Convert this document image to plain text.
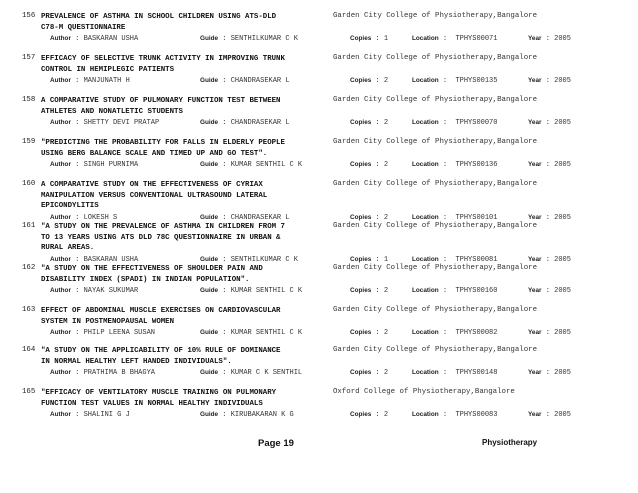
156 PREVALENCE OF ASTHMA IN SCHOOL CHILDREN USING ATS-DLD
C78-M QUESTIONNAIRE
Garden City College of Physiotherapy,Bangalore
Author : BASKARAN USHA	Guide : SENTHILKUMAR C K	Copies : 1	Location :  TPHYS00071	Year : 2005
157 EFFICACY OF SELECTIVE TRUNK ACTIVITY IN IMPROVING TRUNK
CONTROL IN HEMIPLEGIC PATIENTS
Garden City College of Physiotherapy,Bangalore
Author : MANJUNATH H	Guide : CHANDRASEKAR L	Copies : 2	Location :  TPHYS00135	Year : 2005
158 A COMPARATIVE STUDY OF PULMONARY FUNCTION TEST BETWEEN
ATHLETES AND NONATLETIC STUDENTS
Garden City College of Physiotherapy,Bangalore
Author : SHETTY DEVI PRATAP	Guide : CHANDRASEKAR L	Copies : 2	Location :  TPHYS00070	Year : 2005
159 "PREDICTING THE PROBABILITY FOR FALLS IN ELDERLY PEOPLE
USING BERG BALANCE SCALE AND TIMED UP AND GO TEST".
Garden City College of Physiotherapy,Bangalore
Author : SINGH PURNIMA	Guide : KUMAR SENTHIL C K	Copies : 2	Location :  TPHYS00136	Year : 2005
160 A COMPARATIVE STUDY ON THE EFFECTIVENESS OF CYRIAX
MANIPULATION VERSUS CONVENTIONAL ULTRASOUND LATERAL
EPICONDYLITIS
Garden City College of Physiotherapy,Bangalore
Author : LOKESH S	Guide : CHANDRASEKAR L	Copies : 2	Location :  TPHYS00101	Year : 2005
161 "A STUDY ON THE PREVALENCE OF ASTHMA IN CHILDREN FROM 7
TO 13 YEARS USING ATS DLD 78C QUESTIONNAIRE IN URBAN &
RURAL AREAS.
Garden City College of Physiotherapy,Bangalore
Author : BASKARAN USHA	Guide : SENTHILKUMAR C K	Copies : 1	Location :  TPHYS00081	Year : 2005
162 "A STUDY ON THE EFFECTIVENESS OF SHOULDER PAIN AND
DISABILITY INDEX (SPADI) IN INDIAN POPULATION".
Garden City College of Physiotherapy,Bangalore
Author : NAYAK SUKUMAR	Guide : KUMAR SENTHIL C K	Copies : 2	Location :  TPHYS00160	Year : 2005
163 EFFECT OF ABDOMINAL MUSCLE EXERCISES ON CARDIOVASCULAR
SYSTEM IN POSTMENOPAUSAL WOMEN
Garden City College of Physiotherapy,Bangalore
Author : PHILP LEENA SUSAN	Guide : KUMAR SENTHIL C K	Copies : 2	Location :  TPHYS00082	Year : 2005
164 "A STUDY ON THE APPLICABILITY OF 10% RULE OF DOMINANCE
IN NORMAL HEALTHY LEFT HANDED INDIVIDUALS".
Garden City College of Physiotherapy,Bangalore
Author : PRATHIMA B BHAGYA	Guide : KUMAR C K SENTHIL	Copies : 2	Location :  TPHYS00148	Year : 2005
165 "EFFICACY OF VENTILATORY MUSCLE TRAINING ON PULMONARY
FUNCTION TEST VALUES IN NORMAL HEALTHY INDIVIDUALS
Oxford College of Physiotherapy,Bangalore
Author : SHALINI G J	Guide : KIRUBAKARAN K G	Copies : 2	Location :  TPHYS00083	Year : 2005
Page 19	Physiotherapy
